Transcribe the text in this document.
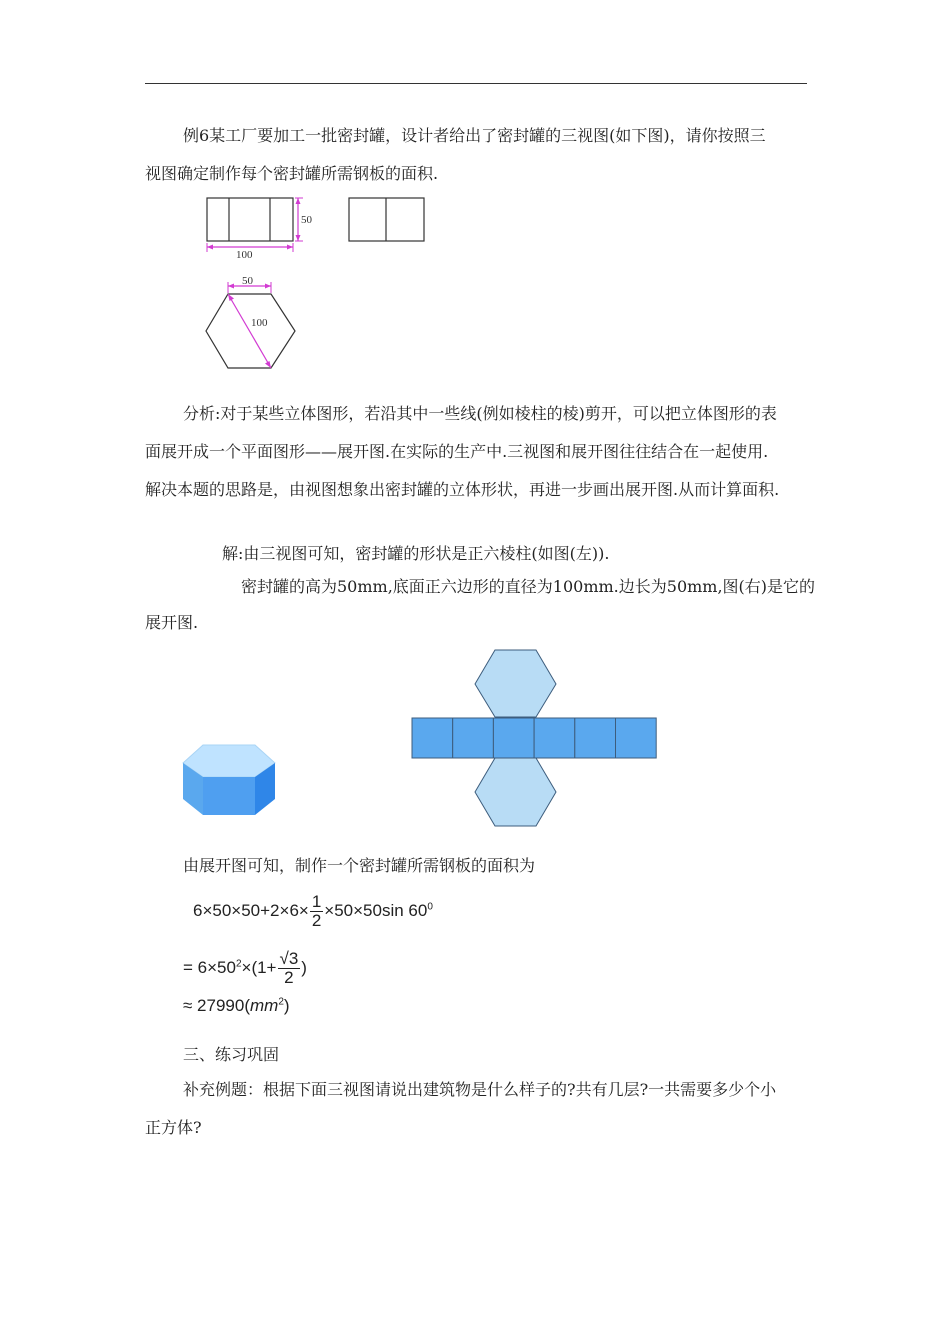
例6某工厂要加工一批密封罐，设计者给出了密封罐的三视图(如下图)，请你按照三
视图确定制作每个密封罐所需钢板的面积.
100
50
50
100
分析:对于某些立体图形，若沿其中一些线(例如棱柱的棱)剪开，可以把立体图形的表
面展开成一个平面图形——展开图.在实际的生产中.三视图和展开图往往结合在一起使用.
解决本题的思路是，由视图想象出密封罐的立体形状，再进一步画出展开图.从而计算面积.
解:由三视图可知，密封罐的形状是正六棱柱(如图(左)).
密封罐的高为50mm,底面正六边形的直径为100mm.边长为50mm,图(右)是它的
展开图.
由展开图可知，制作一个密封罐所需钢板的面积为
$6\times 50\times 50+2\times 6\times \frac{1}{2} \times 50\times 50\sin$ $60^0$
= $6\times 50^2\times(1+ \frac{√3}{2}$ )
≈ $27990(mm^2)$
三、练习巩固
补充例题：根据下面三视图请说出建筑物是什么样子的?共有几层?一共需要多少个小
正方体?
